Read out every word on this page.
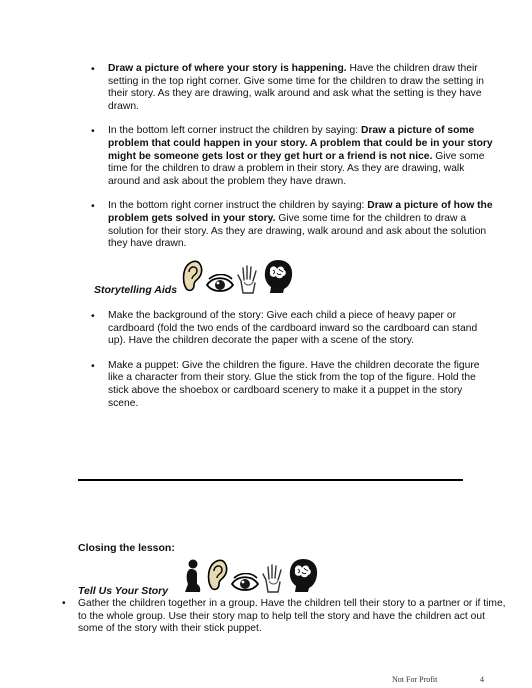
• Draw a picture of where your story is happening. Have the children draw their setting in the top right corner. Give some time for the children to draw the setting in their story. As they are drawing, walk around and ask what the setting is they have drawn.
• In the bottom left corner instruct the children by saying: Draw a picture of some problem that could happen in your story. A problem that could be in your story might be someone gets lost or they get hurt or a friend is not nice. Give some time for the children to draw a problem in their story. As they are drawing, walk around and ask about the problem they have drawn.
• In the bottom right corner instruct the children by saying: Draw a picture of how the problem gets solved in your story. Give some time for the children to draw a solution for their story. As they are drawing, walk around and ask about the solution they have drawn.
Storytelling Aids
• Make the background of the story: Give each child a piece of heavy paper or cardboard (fold the two ends of the cardboard inward so the cardboard can stand up). Have the children decorate the paper with a scene of the story.
• Make a puppet: Give the children the figure. Have the children decorate the figure like a character from their story. Glue the stick from the top of the figure. Hold the stick above the shoebox or cardboard scenery to make it a puppet in the story scene.
Closing the lesson:
Tell Us Your Story
• Gather the children together in a group. Have the children tell their story to a partner or if time, to the whole group. Use their story map to help tell the story and have the children act out some of the story with their stick puppet.
Not For Profit	4
